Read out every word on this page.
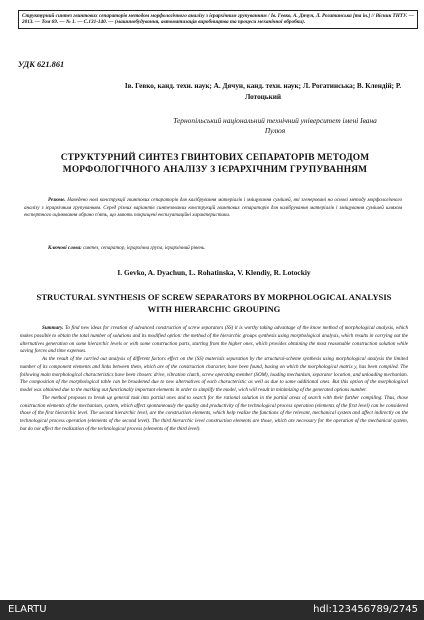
Структурний синтез гвинтових сепараторів методом морфологічного аналізу з ієрархічним групуванням / Ів. Гевко, А. Дячун, Л. Рогатинська [та ін.] // Вісник ТНТУ. — 2013. — Том 69. — № 1. — С.131-140. — (машинобудування, автоматизація виробництва та процеси механічної обробки).
УДК 621.861
Ів. Гевко, канд. техн. наук; А. Дячун, канд. техн. наук; Л. Рогатинська; В. Клендій; Р. Лотоцький
Тернопільський національний технічний університет імені Івана Пулюя
СТРУКТУРНИЙ СИНТЕЗ ГВИНТОВИХ СЕПАРАТОРІВ МЕТОДОМ МОРФОЛОГІЧНОГО АНАЛІЗУ З ІЄРАРХІЧНИМ ГРУПУВАННЯМ
Резюме. Наведено нові конструкції гвинтових сепараторів для калібрування матеріалів і зміщування сумішей, які згенеровані на основі методу морфологічного аналізу з ієрархічним групуванням. Серед різних варіантів синтезованих конструкцій гвинтових сепараторів для калібрування матеріалів і зміщування сумішей шляхом експертного оцінювання обрано п'ять, що мають покращені експлуатаційні характеристики.
Ключові слова: синтез, сепаратор, ієрархічна група, ієрархічний рівень.
I. Gevko, A. Dyachun, L. Rohatinska, V. Klendiy, R. Lotockiy
STRUCTURAL SYNTHESIS OF SCREW SEPARATORS BY MORPHOLOGICAL ANALYSIS WITH HIERARCHIC GROUPING

Summary. To find new ideas for creation of advanced construction of screw separators (SS) it is worthy taking advantage of the know method of morphological analysis, which makes possible to obtain the total number of solutions and its modified option: the method of the hierarchic groups synthesis using morphological analysis, which results in carrying out the alternatives generation on some hierarchic levels or with some construction parts, starting from the higher ones, which provides obtaining the most reasonable construction solution while saving forces and time expenses.

As the result of the carried out analysis of different factors effect on the (SS) materials separation by the structural-scheme synthesis using morphological analysis the limited number of its component elements and links between them, which are of the construction character, have been found, basing on which the morphological matrix y, has been compiled. The following main morphological characteristics have been chosen: drive, vibration clutch, screw operating member (SOM), loading mechanism, separator location, and unloading mechanism. The composition of the morphological table can be broadened due to new alternatives of each characteristic as well as due to some additional ones. But this option of the morphological model was obtained due to the marking out functionally important elements in order to simplify the model, wich will result in minimizing of the generated options number.

The method proposes to break up general task into partial ones and to search for the rational solution in the partial areas of search with their further compiling. Thus, those construction elements of the mechanism, system, which affect spontaneously the quality and productivity of the technological process operation (elements of the first level) can be considered those of the first hierarchic level. The second hierarchic level, are the construction elements, which help realize the functions of the relevant, mechanical system and affect indirectly on the technological process operation (elements of the second level). The third hierarchic level construction elements are those, which are necessary for the operation of the mechanical system, but do not affect the realization of the technological process (elements of the third level).

ELARTU	hdl:123456789/2745
